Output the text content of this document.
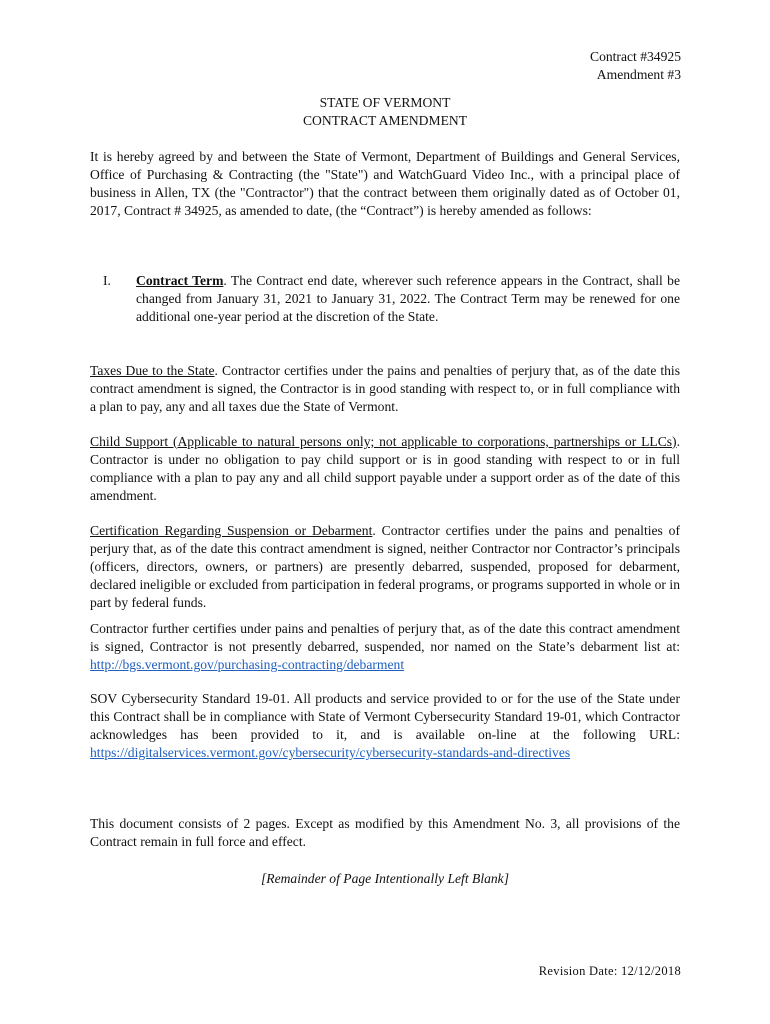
Contract #34925
Amendment #3
STATE OF VERMONT
CONTRACT AMENDMENT
It is hereby agreed by and between the State of Vermont, Department of Buildings and General Services, Office of Purchasing & Contracting (the "State") and WatchGuard Video Inc., with a principal place of business in Allen, TX (the "Contractor") that the contract between them originally dated as of October 01, 2017, Contract # 34925, as amended to date, (the “Contract”) is hereby amended as follows:
I. Contract Term. The Contract end date, wherever such reference appears in the Contract, shall be changed from January 31, 2021 to January 31, 2022. The Contract Term may be renewed for one additional one-year period at the discretion of the State.
Taxes Due to the State. Contractor certifies under the pains and penalties of perjury that, as of the date this contract amendment is signed, the Contractor is in good standing with respect to, or in full compliance with a plan to pay, any and all taxes due the State of Vermont.
Child Support (Applicable to natural persons only; not applicable to corporations, partnerships or LLCs). Contractor is under no obligation to pay child support or is in good standing with respect to or in full compliance with a plan to pay any and all child support payable under a support order as of the date of this amendment.
Certification Regarding Suspension or Debarment. Contractor certifies under the pains and penalties of perjury that, as of the date this contract amendment is signed, neither Contractor nor Contractor’s principals (officers, directors, owners, or partners) are presently debarred, suspended, proposed for debarment, declared ineligible or excluded from participation in federal programs, or programs supported in whole or in part by federal funds.
Contractor further certifies under pains and penalties of perjury that, as of the date this contract amendment is signed, Contractor is not presently debarred, suspended, nor named on the State’s debarment list at: http://bgs.vermont.gov/purchasing-contracting/debarment
SOV Cybersecurity Standard 19-01. All products and service provided to or for the use of the State under this Contract shall be in compliance with State of Vermont Cybersecurity Standard 19-01, which Contractor acknowledges has been provided to it, and is available on-line at the following URL: https://digitalservices.vermont.gov/cybersecurity/cybersecurity-standards-and-directives
This document consists of 2 pages. Except as modified by this Amendment No. 3, all provisions of the Contract remain in full force and effect.
[Remainder of Page Intentionally Left Blank]
Revision Date: 12/12/2018
